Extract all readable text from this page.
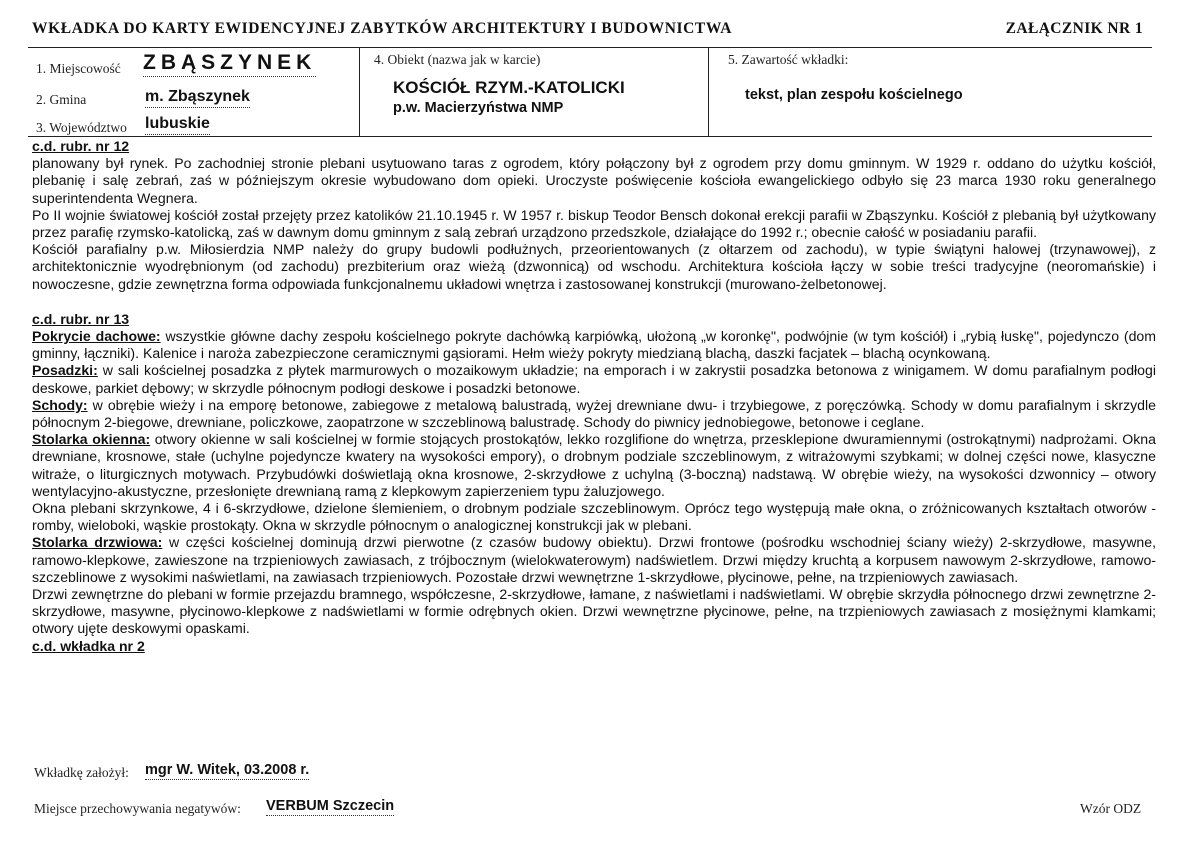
WKŁADKA DO KARTY EWIDENCYJNEJ ZABYTKÓW ARCHITEKTURY I BUDOWNICTWA	ZAŁĄCZNIK NR 1
1. Miejscowość ZBĄSZYNEK
2. Gmina	m. Zbąszynek
3. Województwo lubuskie
4. Obiekt (nazwa jak w karcie)
KOŚCIÓŁ RZYM.-KATOLICKI
p.w. Macierzyństwa NMP
5. Zawartość wkładki:
tekst, plan zespołu kościelnego

c.d. rubr. nr 12

planowany był rynek. Po zachodniej stronie plebani usytuowano taras z ogrodem, który połączony był z ogrodem przy domu gminnym. W 1929 r. oddano do użytku kościół, plebanię i salę zebrań, zaś w późniejszym okresie wybudowano dom opieki. Uroczyste poświęcenie kościoła ewangelickiego odbyło się 23 marca 1930 roku generalnego superintendenta Wegnera.

Po II wojnie światowej kościół został przejęty przez katolików 21.10.1945 r. W 1957 r. biskup Teodor Bensch dokonał erekcji parafii w Zbąszynku. Kościół z plebanią był użytkowany przez parafię rzymsko-katolicką, zaś w dawnym domu gminnym z salą zebrań urządzono przedszkole, działające do 1992 r.; obecnie całość w posiadaniu parafii.

Kościół parafialny p.w. Miłosierdzia NMP należy do grupy budowli podłużnych, przeorientowanych (z ołtarzem od zachodu), w typie świątyni halowej (trzynawowej), z architektonicznie wyodrębnionym (od zachodu) prezbiterium oraz wieżą (dzwonnicą) od wschodu. Architektura kościoła łączy w sobie treści tradycyjne (neoromańskie) i nowoczesne, gdzie zewnętrzna forma odpowiada funkcjonalnemu układowi wnętrza i zastosowanej konstrukcji (murowano-żelbetonowej.

c.d. rubr. nr 13

Pokrycie dachowe: wszystkie główne dachy zespołu kościelnego pokryte dachówką karpiówką, ułożoną „w koronkę", podwójnie (w tym kościół) i „rybią łuskę", pojedynczo (dom gminny, łączniki). Kalenice i naroża zabezpieczone ceramicznymi gąsiorami. Hełm wieży pokryty miedzianą blachą, daszki facjatek – blachą ocynkowaną.

Posadzki: w sali kościelnej posadzka z płytek marmurowych o mozaikowym układzie; na emporach i w zakrystii posadzka betonowa z winigamem. W domu parafialnym podłogi deskowe, parkiet dębowy; w skrzydle północnym podłogi deskowe i posadzki betonowe.

Schody: w obrębie wieży i na emporę betonowe, zabiegowe z metalową balustradą, wyżej drewniane dwu- i trzybiegowe, z poręczówką. Schody w domu parafialnym i skrzydle północnym 2-biegowe, drewniane, policzkowe, zaopatrzone w szczeblinową balustradę. Schody do piwnicy jednobiegowe, betonowe i ceglane.

Stolarka okienna: otwory okienne w sali kościelnej w formie stojących prostokątów, lekko rozglifione do wnętrza, przesklepione dwuramiennymi (ostrokątnymi) nadprożami. Okna drewniane, krosnowe, stałe (uchylne pojedyncze kwatery na wysokości empory), o drobnym podziale szczeblinowym, z witrażowymi szybkami; w dolnej części nowe, klasyczne witraże, o liturgicznych motywach. Przybudówki doświetlają okna krosnowe, 2-skrzydłowe z uchylną (3-boczną) nadstawą. W obrębie wieży, na wysokości dzwonnicy – otwory wentylacyjno-akustyczne, przesłonięte drewnianą ramą z klepkowym zapierzeniem typu żaluzjowego.

Okna plebani skrzynkowe, 4 i 6-skrzydłowe, dzielone ślemieniem, o drobnym podziale szczeblinowym. Oprócz tego występują małe okna, o zróżnicowanych kształtach otworów - romby, wieloboki, wąskie prostokąty. Okna w skrzydle północnym o analogicznej konstrukcji jak w plebani.

Stolarka drzwiowa: w części kościelnej dominują drzwi pierwotne (z czasów budowy obiektu). Drzwi frontowe (pośrodku wschodniej ściany wieży) 2-skrzydłowe, masywne, ramowo-klepkowe, zawieszone na trzpieniowych zawiasach, z trójbocznym (wielokwaterowym) nadświetlem. Drzwi między kruchtą a korpusem nawowym 2-skrzydłowe, ramowo-szczeblinowe z wysokimi naświetlami, na zawiasach trzpieniowych. Pozostałe drzwi wewnętrzne 1-skrzydłowe, płycinowe, pełne, na trzpieniowych zawiasach.

Drzwi zewnętrzne do plebani w formie przejazdu bramnego, współczesne, 2-skrzydłowe, łamane, z naświetlami i nadświetlami. W obrębie skrzydła północnego drzwi zewnętrzne 2-skrzydłowe, masywne, płycinowo-klepkowe z nadświetlami w formie odrębnych okien. Drzwi wewnętrzne płycinowe, pełne, na trzpieniowych zawiasach z mosiężnymi klamkami; otwory ujęte deskowymi opaskami.

c.d. wkładka nr 2

Wkładkę założył: mgr W. Witek, 03.2008 r.
Miejsce przechowywania negatywów: VERBUM Szczecin	Wzór ODZ
